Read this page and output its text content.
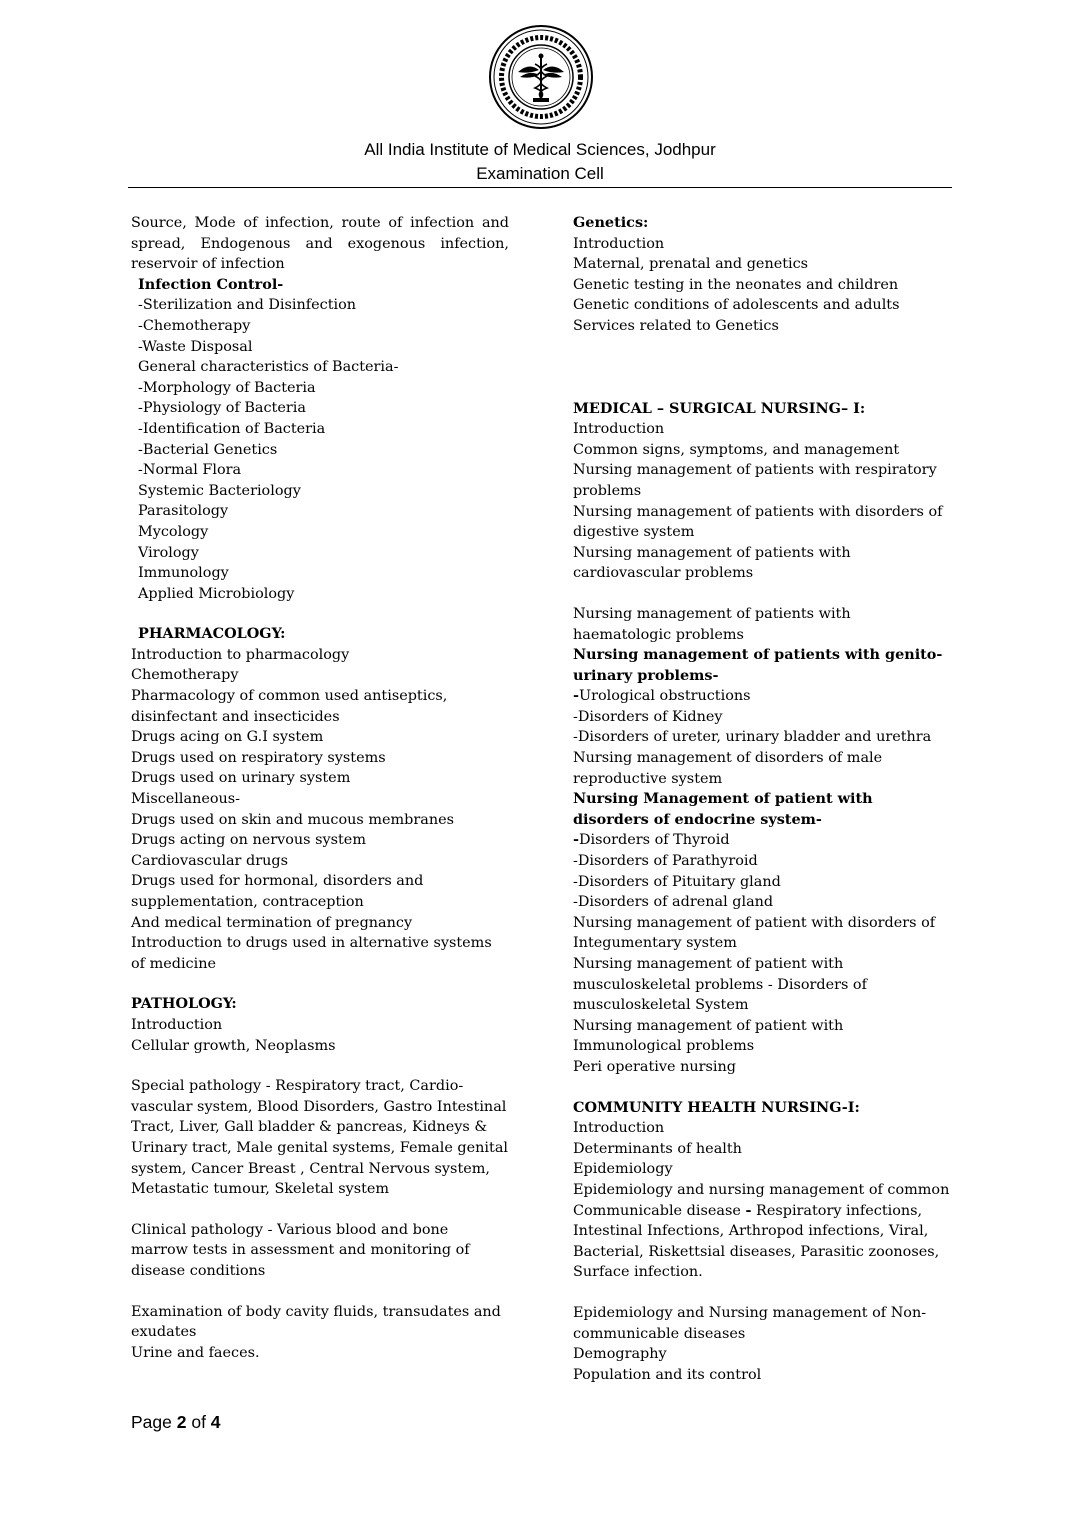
All India Institute of Medical Sciences, Jodhpur
Examination Cell
Source, Mode of infection, route of infection and spread, Endogenous and exogenous infection, reservoir of infection
Infection Control-
-Sterilization and Disinfection
-Chemotherapy
-Waste Disposal
General characteristics of Bacteria-
-Morphology of Bacteria
-Physiology of Bacteria
-Identification of Bacteria
-Bacterial Genetics
-Normal Flora
Systemic Bacteriology
Parasitology
Mycology
Virology
Immunology
Applied Microbiology
PHARMACOLOGY:
Introduction to pharmacology
Chemotherapy
Pharmacology of common used antiseptics, disinfectant and insecticides
Drugs acing on G.I system
Drugs used on respiratory systems
Drugs used on urinary system
Miscellaneous-
Drugs used on skin and mucous membranes
Drugs acting on nervous system
Cardiovascular drugs
Drugs used for hormonal, disorders and supplementation, contraception
And medical termination of pregnancy
Introduction to drugs used in alternative systems of medicine
PATHOLOGY:
Introduction
Cellular growth, Neoplasms
Special pathology - Respiratory tract, Cardio-vascular system, Blood Disorders, Gastro Intestinal Tract, Liver, Gall bladder & pancreas, Kidneys & Urinary tract, Male genital systems, Female genital system, Cancer Breast , Central Nervous system, Metastatic tumour, Skeletal system
Clinical pathology - Various blood and bone marrow tests in assessment and monitoring of disease conditions
Examination of body cavity fluids, transudates and exudates
Urine and faeces.
Genetics:
Introduction
Maternal, prenatal and genetics
Genetic testing in the neonates and children
Genetic conditions of adolescents and adults
Services related to Genetics
MEDICAL – SURGICAL NURSING– I:
Introduction
Common signs, symptoms, and management
Nursing management of patients with respiratory problems
Nursing management of patients with disorders of digestive system
Nursing management of patients with cardiovascular problems
Nursing management of patients with haematologic problems
Nursing management of patients with genito-urinary problems-
-Urological obstructions
-Disorders of Kidney
-Disorders of ureter, urinary bladder and urethra
Nursing management of disorders of male reproductive system
Nursing Management of patient with disorders of endocrine system-
-Disorders of Thyroid
-Disorders of Parathyroid
-Disorders of Pituitary gland
-Disorders of adrenal gland
Nursing management of patient with disorders of Integumentary system
Nursing management of patient with musculoskeletal problems - Disorders of musculoskeletal System
Nursing management of patient with Immunological problems
Peri operative nursing
COMMUNITY HEALTH NURSING-I:
Introduction
Determinants of health
Epidemiology
Epidemiology and nursing management of common Communicable disease - Respiratory infections, Intestinal Infections, Arthropod infections, Viral, Bacterial, Riskettsial diseases, Parasitic zoonoses, Surface infection.
Epidemiology and Nursing management of Non-communicable diseases
Demography
Population and its control
Page 2 of 4
